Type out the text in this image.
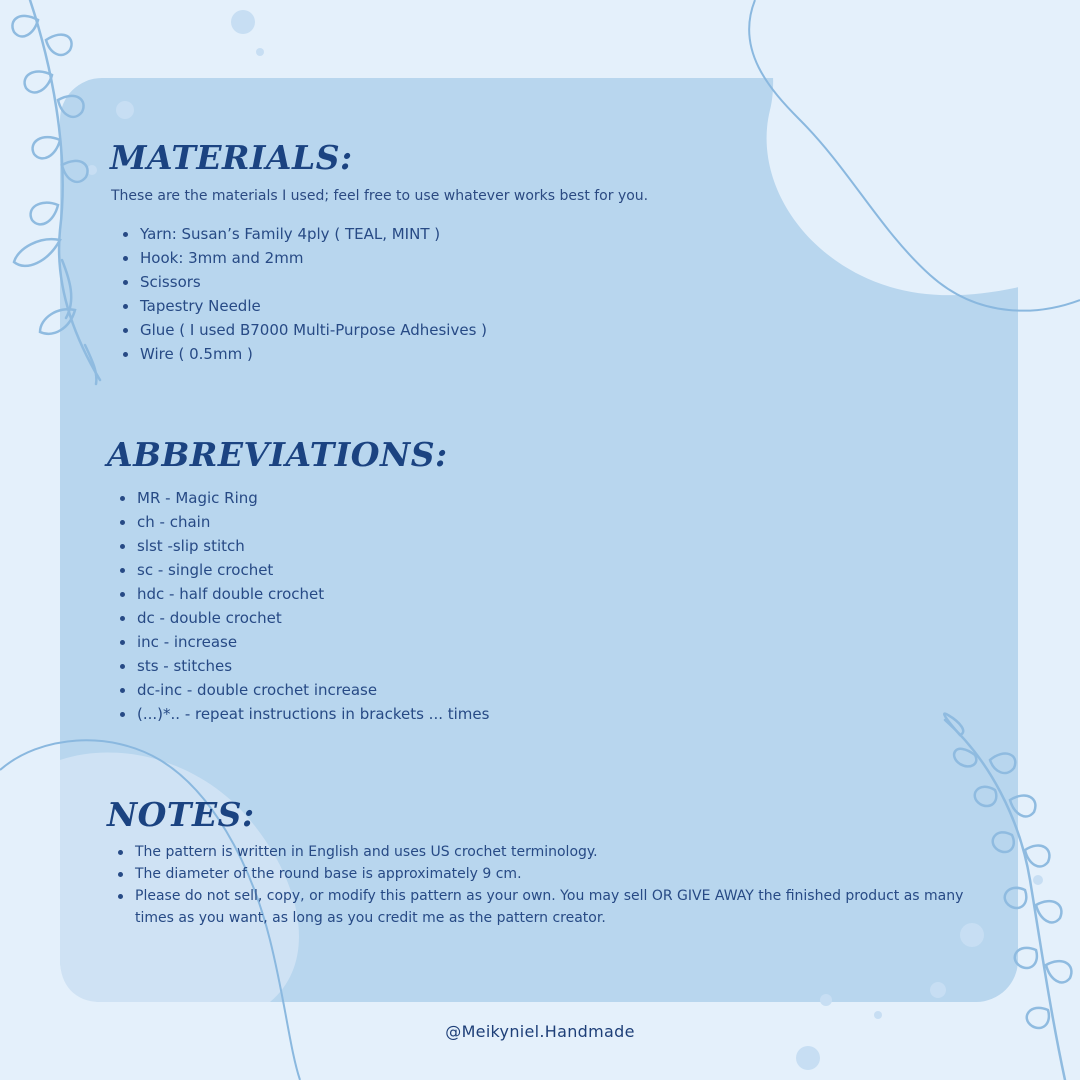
MATERIALS:

These are the materials I used; feel free to use whatever works best for you.

Yarn: Susan’s Family 4ply ( TEAL, MINT )
Hook: 3mm and 2mm
Scissors
Tapestry Needle
Glue ( I used B7000 Multi-Purpose Adhesives )
Wire ( 0.5mm )
ABBREVIATIONS:
MR - Magic Ring
ch - chain
slst -slip stitch
sc - single crochet
hdc - half double crochet
dc - double crochet
inc - increase
sts - stitches
dc-inc - double crochet increase
(...)*.. - repeat instructions in brackets ... times
NOTES:
The pattern is written in English and uses US crochet terminology.
The diameter of the round base is approximately 9 cm.
Please do not sell, copy, or modify this pattern as your own. You may sell OR GIVE AWAY the finished product as many times as you want, as long as you credit me as the pattern creator.
@Meikyniel.Handmade
